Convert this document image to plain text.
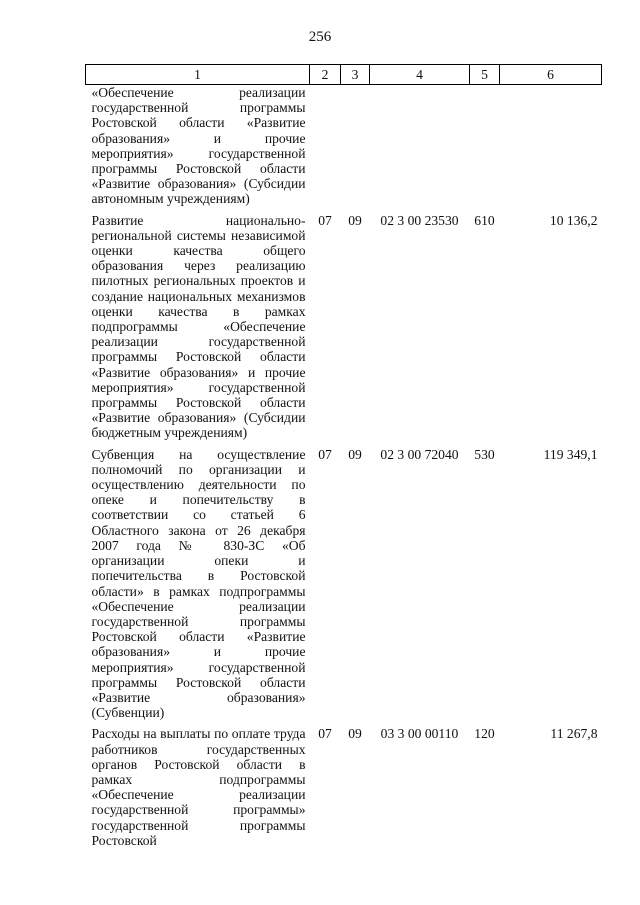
256
1	2	3	4	5	6
«Обеспечение реализации государственной программы Ростовской области «Развитие образования» и прочие мероприятия» государственной программы Ростовской области «Развитие образования» (Субсидии автономным учреждениям)					

Развитие национально-региональной системы независимой оценки качества общего образования через реализацию пилотных региональных проектов и создание национальных механизмов оценки качества в рамках подпрограммы «Обеспечение реализации государственной программы Ростовской области «Развитие образования» и прочие мероприятия» государственной программы Ростовской области «Развитие образования» (Субсидии бюджетным учреждениям)	07	09	02 3 00 23530	610	10 136,2

Субвенция на осуществление полномочий по организации и осуществлению деятельности по опеке и попечительству в соответствии со статьей 6 Областного закона от 26 декабря 2007 года № 830-ЗС «Об организации опеки и попечительства в Ростовской области» в рамках подпрограммы «Обеспечение реализации государственной программы Ростовской области «Развитие образования» и прочие мероприятия» государственной программы Ростовской области «Развитие образования» (Субвенции)	07	09	02 3 00 72040	530	119 349,1

Расходы на выплаты по оплате труда работников государственных органов Ростовской области в рамках подпрограммы «Обеспечение реализации государственной программы» государственной программы Ростовской	07	09	03 3 00 00110	120	11 267,8
